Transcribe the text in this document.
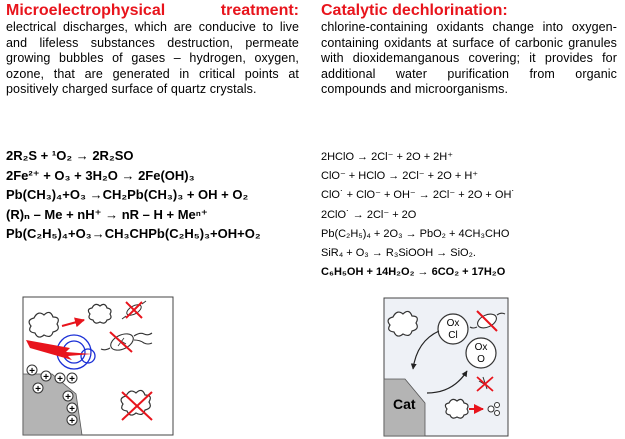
Microelectrophysical treatment:

electrical discharges, which are conducive to live and lifeless substances destruction, permeate growing bubbles of gases – hydrogen, oxygen, ozone, that are generated in critical points at positively charged surface of quartz crystals.

Catalytic dechlorination:

chlorine-containing oxidants change into oxygen-containing oxidants at surface of carbonic granules with dioxidemanganous covering; it provides for additional water purification from organic compounds and microorganisms.

2R₂S + ¹O₂ → 2R₂SO
2Fe²⁺ + O₃ + 3H₂O → 2Fe(OH)₃
Pb(CH₃)₄+O₃ →CH₂Pb(CH₃)₃ + OH + O₂
(R)ₙ – Me + nH⁺ → nR – H + Meⁿ⁺
Pb(C₂H₅)₄+O₃→CH₃CHPb(C₂H₅)₃+OH+O₂
2HClO → 2Cl⁻ + 2O + 2H⁺
ClO⁻ + HClO → 2Cl⁻ + 2O + H⁺
ClO˙ + ClO⁻ + OH⁻ → 2Cl⁻ + 2O + OH˙
2ClO˙ → 2Cl⁻ + 2O
Pb(C₂H₅)₄ + 2O₃ → PbO₂ + 4CH₃CHO
SiR₄ + O₃ → R₃SiOOH → SiO₂.
C₆H₅OH + 14H₂O₂ → 6CO₂ + 17H₂O
+
+ + +
+
+
+
+
Cat
Ox
Cl
Ox
O
